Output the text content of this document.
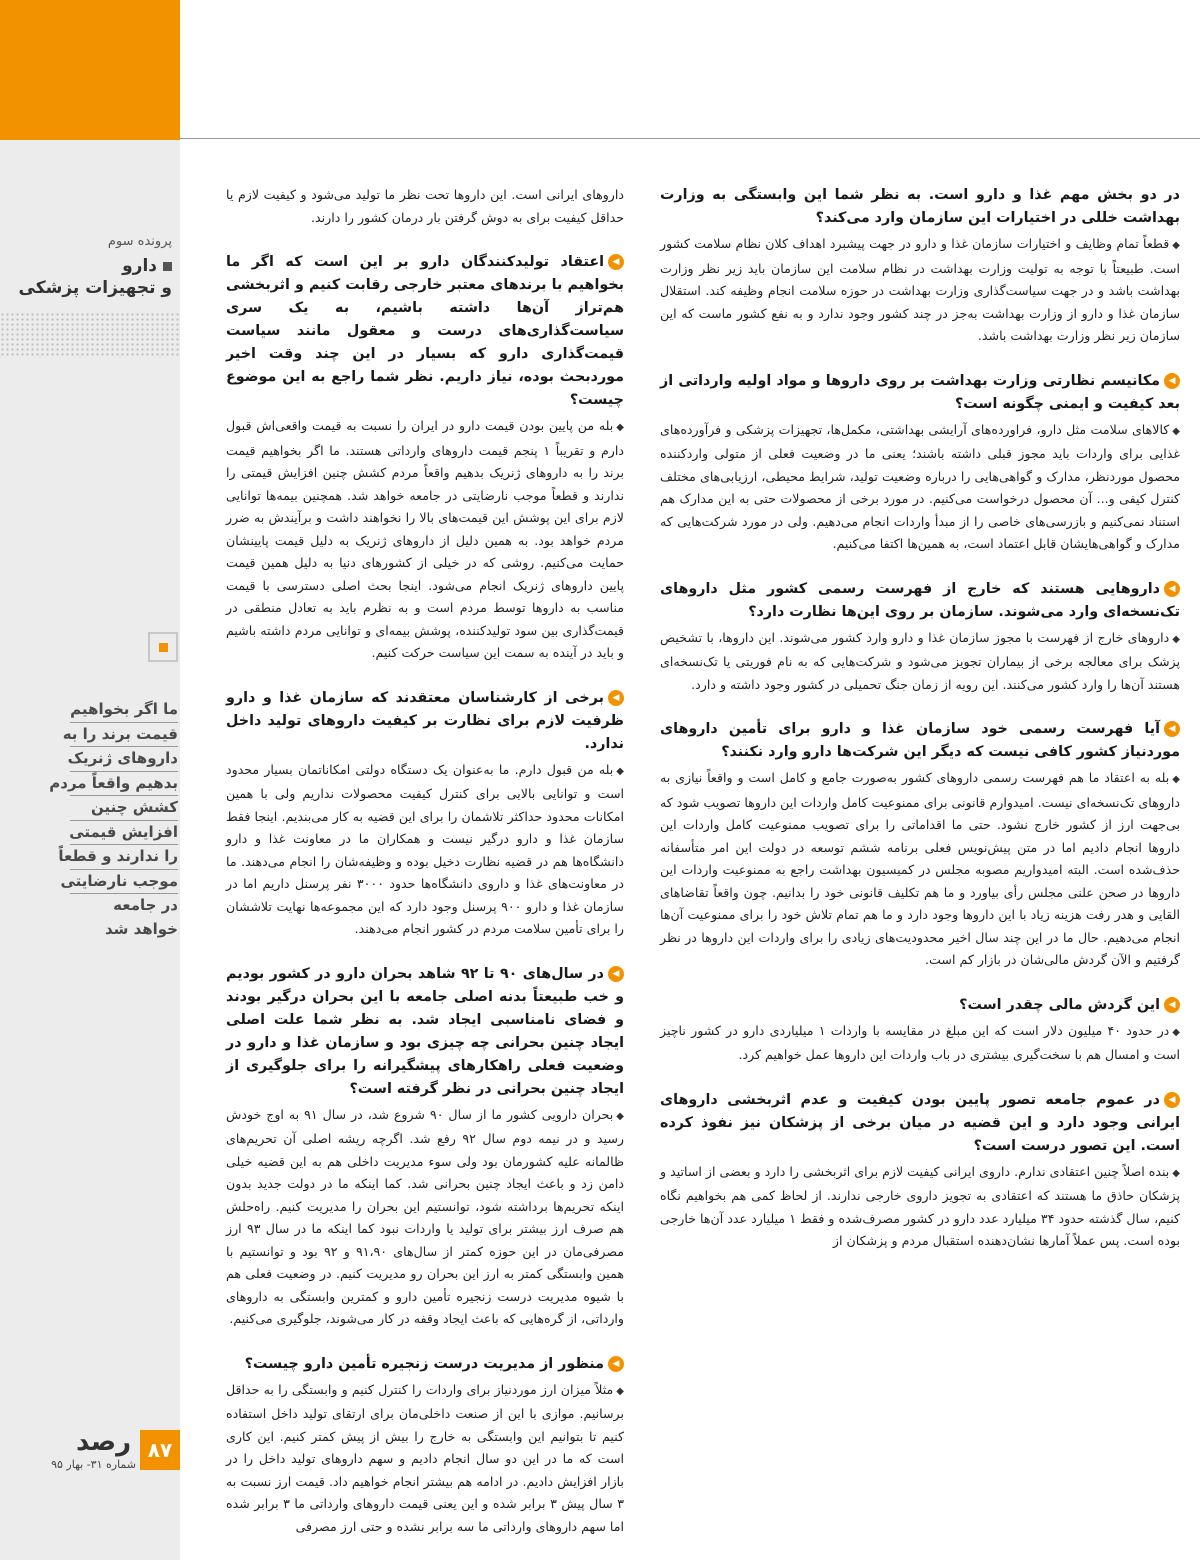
پرونده سوم
دارو
و تجهیزات پزشکی
ما اگر بخواهیم
قیمت برند را به
داروهای ژنریک
بدهیم واقعاً مردم
کشش چنین
افزایش قیمتی
را ندارند و قطعاً
موجب نارضایتی
در جامعه
خواهد شد

در دو بخش مهم غذا و دارو است. به نظر شما این وابستگی به وزارت بهداشت خللی در اختیارات این سازمان وارد می‌کند؟

◆قطعاً تمام وظایف و اختیارات سازمان غذا و دارو در جهت پیشبرد اهداف کلان نظام سلامت کشور است. طبیعتاً با توجه به تولیت وزارت بهداشت در نظام سلامت این سازمان باید زیر نظر وزارت بهداشت باشد و در جهت سیاست‌گذاری وزارت بهداشت در حوزه سلامت انجام وظیفه کند. استقلال سازمان غذا و دارو از وزارت بهداشت به‌جز در چند کشور وجود ندارد و به نفع کشور ماست که این سازمان زیر نظر وزارت بهداشت باشد.

◀مکانیسم نظارتی وزارت بهداشت بر روی داروها و مواد اولیه وارداتی از بعد کیفیت و ایمنی چگونه است؟

◆کالاهای سلامت مثل دارو، فراورده‌های آرایشی بهداشتی، مکمل‌ها، تجهیزات پزشکی و فرآورده‌های غذایی برای واردات باید مجوز قبلی داشته باشند؛ یعنی ما در وضعیت فعلی از متولی واردکننده محصول موردنظر، مدارک و گواهی‌هایی را درباره وضعیت تولید، شرایط محیطی، ارزیابی‌های مختلف کنترل کیفی و... آن محصول درخواست می‌کنیم. در مورد برخی از محصولات حتی به این مدارک هم استناد نمی‌کنیم و بازرسی‌های خاصی را از مبدأ واردات انجام می‌دهیم. ولی در مورد شرکت‌هایی که مدارک و گواهی‌هایشان قابل اعتماد است، به همین‌ها اکتفا می‌کنیم.

◀داروهایی هستند که خارج از فهرست رسمی کشور مثل داروهای تک‌نسخه‌ای وارد می‌شوند. سازمان بر روی این‌ها نظارت دارد؟

◆داروهای خارج از فهرست با مجوز سازمان غذا و دارو وارد کشور می‌شوند. این داروها، با تشخیص پزشک برای معالجه برخی از بیماران تجویز می‌شود و شرکت‌هایی که به نام فوریتی یا تک‌نسخه‌ای هستند آن‌ها را وارد کشور می‌کنند. این رویه از زمان جنگ تحمیلی در کشور وجود داشته و دارد.

◀آیا فهرست رسمی خود سازمان غذا و دارو برای تأمین داروهای موردنیاز کشور کافی نیست که دیگر این شرکت‌ها دارو وارد نکنند؟

◆بله به اعتقاد ما هم فهرست رسمی داروهای کشور به‌صورت جامع و کامل است و واقعاً نیازی به داروهای تک‌نسخه‌ای نیست. امیدوارم قانونی برای ممنوعیت کامل واردات این داروها تصویب شود که بی‌جهت ارز از کشور خارج نشود. حتی ما اقداماتی را برای تصویب ممنوعیت کامل واردات این داروها انجام دادیم اما در متن پیش‌نویس فعلی برنامه ششم توسعه در دولت این امر متأسفانه حذف‌شده است. البته امیدواریم مصوبه مجلس در کمیسیون بهداشت راجع به ممنوعیت واردات این داروها در صحن علنی مجلس رأی بیاورد و ما هم تکلیف قانونی خود را بدانیم. چون واقعاً تقاضاهای القایی و هدر رفت هزینه زیاد با این داروها وجود دارد و ما هم تمام تلاش خود را برای ممنوعیت آن‌ها انجام می‌دهیم. حال ما در این چند سال اخیر محدودیت‌های زیادی را برای واردات این داروها در نظر گرفتیم و الآن گردش مالی‌شان در بازار کم است.

◀این گردش مالی چقدر است؟

◆در حدود ۴۰ میلیون دلار است که این مبلغ در مقایسه با واردات ۱ میلیاردی دارو در کشور ناچیز است و امسال هم با سخت‌گیری بیشتری در باب واردات این داروها عمل خواهیم کرد.

◀در عموم جامعه تصور پایین بودن کیفیت و عدم اثربخشی داروهای ایرانی وجود دارد و این قضیه در میان برخی از پزشکان نیز نفوذ کرده است. این تصور درست است؟

◆بنده اصلاً چنین اعتقادی ندارم. داروی ایرانی کیفیت لازم برای اثربخشی را دارد و بعضی از اساتید و پزشکان حاذق ما هستند که اعتقادی به تجویز داروی خارجی ندارند. از لحاظ کمی هم بخواهیم نگاه کنیم، سال گذشته حدود ۳۴ میلیارد عدد دارو در کشور مصرف‌شده و فقط ۱ میلیارد عدد آن‌ها خارجی بوده است. پس عملاً آمارها نشان‌دهنده استقبال مردم و پزشکان از

داروهای ایرانی است. این داروها تحت نظر ما تولید می‌شود و کیفیت لازم یا حداقل کیفیت برای به دوش گرفتن بار درمان کشور را دارند.

◀اعتقاد تولیدکنندگان دارو بر این است که اگر ما بخواهیم با برندهای معتبر خارجی رقابت کنیم و اثربخشی هم‌تراز آن‌ها داشته باشیم، به یک سری سیاست‌گذاری‌های درست و معقول مانند سیاست قیمت‌گذاری دارو که بسیار در این چند وقت اخیر موردبحث بوده، نیاز داریم. نظر شما راجع به این موضوع چیست؟

◆بله من پایین بودن قیمت دارو در ایران را نسبت به قیمت واقعی‌اش قبول دارم و تقریباً ۱ پنجم قیمت داروهای وارداتی هستند. ما اگر بخواهیم قیمت برند را به داروهای ژنریک بدهیم واقعاً مردم کشش چنین افزایش قیمتی را ندارند و قطعاً موجب نارضایتی در جامعه خواهد شد. همچنین بیمه‌ها توانایی لازم برای این پوشش این قیمت‌های بالا را نخواهند داشت و برآیندش به ضرر مردم خواهد بود. به همین دلیل از داروهای ژنریک به دلیل قیمت پایینشان حمایت می‌کنیم. روشی که در خیلی از کشورهای دنیا به دلیل همین قیمت پایین داروهای ژنریک انجام می‌شود. اینجا بحث اصلی دسترسی با قیمت مناسب به داروها توسط مردم است و به نظرم باید به تعادل منطقی در قیمت‌گذاری بین سود تولیدکننده، پوشش بیمه‌ای و توانایی مردم داشته باشیم و باید در آینده به سمت این سیاست حرکت کنیم.

◀برخی از کارشناسان معتقدند که سازمان غذا و دارو ظرفیت لازم برای نظارت بر کیفیت داروهای تولید داخل ندارد.

◆بله من قبول دارم. ما به‌عنوان یک دستگاه دولتی امکاناتمان بسیار محدود است و توانایی بالایی برای کنترل کیفیت محصولات نداریم ولی با همین امکانات محدود حداکثر تلاشمان را برای این قضیه به کار می‌بندیم. اینجا فقط سازمان غذا و دارو درگیر نیست و همکاران ما در معاونت غذا و دارو دانشگاه‌ها هم در قضیه نظارت دخیل بوده و وظیفه‌شان را انجام می‌دهند. ما در معاونت‌های غذا و داروی دانشگاه‌ها حدود ۳۰۰۰ نفر پرسنل داریم اما در سازمان غذا و دارو ۹۰۰ پرسنل وجود دارد که این مجموعه‌ها نهایت تلاششان را برای تأمین سلامت مردم در کشور انجام می‌دهند.

◀در سال‌های ۹۰ تا ۹۲ شاهد بحران دارو در کشور بودیم و خب طبیعتاً بدنه اصلی جامعه با این بحران درگیر بودند و فضای نامناسبی ایجاد شد. به نظر شما علت اصلی ایجاد چنین بحرانی چه چیزی بود و سازمان غذا و دارو در وضعیت فعلی راهکارهای پیشگیرانه را برای جلوگیری از ایجاد چنین بحرانی در نظر گرفته است؟

◆بحران دارویی کشور ما از سال ۹۰ شروع شد، در سال ۹۱ به اوج خودش رسید و در نیمه دوم سال ۹۲ رفع شد. اگرچه ریشه اصلی آن تحریم‌های ظالمانه علیه کشورمان بود ولی سوء مدیریت داخلی هم به این قضیه خیلی دامن زد و باعث ایجاد چنین بحرانی شد. کما اینکه ما در دولت جدید بدون اینکه تحریم‌ها برداشته شود، توانستیم این بحران را مدیریت کنیم. راه‌حلش هم صرف ارز بیشتر برای تولید یا واردات نبود کما اینکه ما در سال ۹۳ ارز مصرفی‌مان در این حوزه کمتر از سال‌های ۹۱،۹۰ و ۹۲ بود و توانستیم با همین وابستگی کمتر به ارز این بحران رو مدیریت کنیم. در وضعیت فعلی هم با شیوه مدیریت درست زنجیره تأمین دارو و کمترین وابستگی به داروهای وارداتی، از گره‌هایی که باعث ایجاد وقفه در کار می‌شوند، جلوگیری می‌کنیم.

◀منظور از مدیریت درست زنجیره تأمین دارو چیست؟

◆مثلاً میزان ارز موردنیاز برای واردات را کنترل کنیم و وابستگی را به حداقل برسانیم. موازی با این از صنعت داخلی‌مان برای ارتقای تولید داخل استفاده کنیم تا بتوانیم این وابستگی به خارج را بیش از پیش کمتر کنیم. این کاری است که ما در این دو سال انجام دادیم و سهم داروهای تولید داخل را در بازار افزایش دادیم. در ادامه هم بیشتر انجام خواهیم داد. قیمت ارز نسبت به ۳ سال پیش ۳ برابر شده و این یعنی قیمت داروهای وارداتی ما ۳ برابر شده اما سهم داروهای وارداتی ما سه برابر نشده و حتی ارز مصرفی

۸۷
رصد
شماره ۳۱- بهار ۹۵
